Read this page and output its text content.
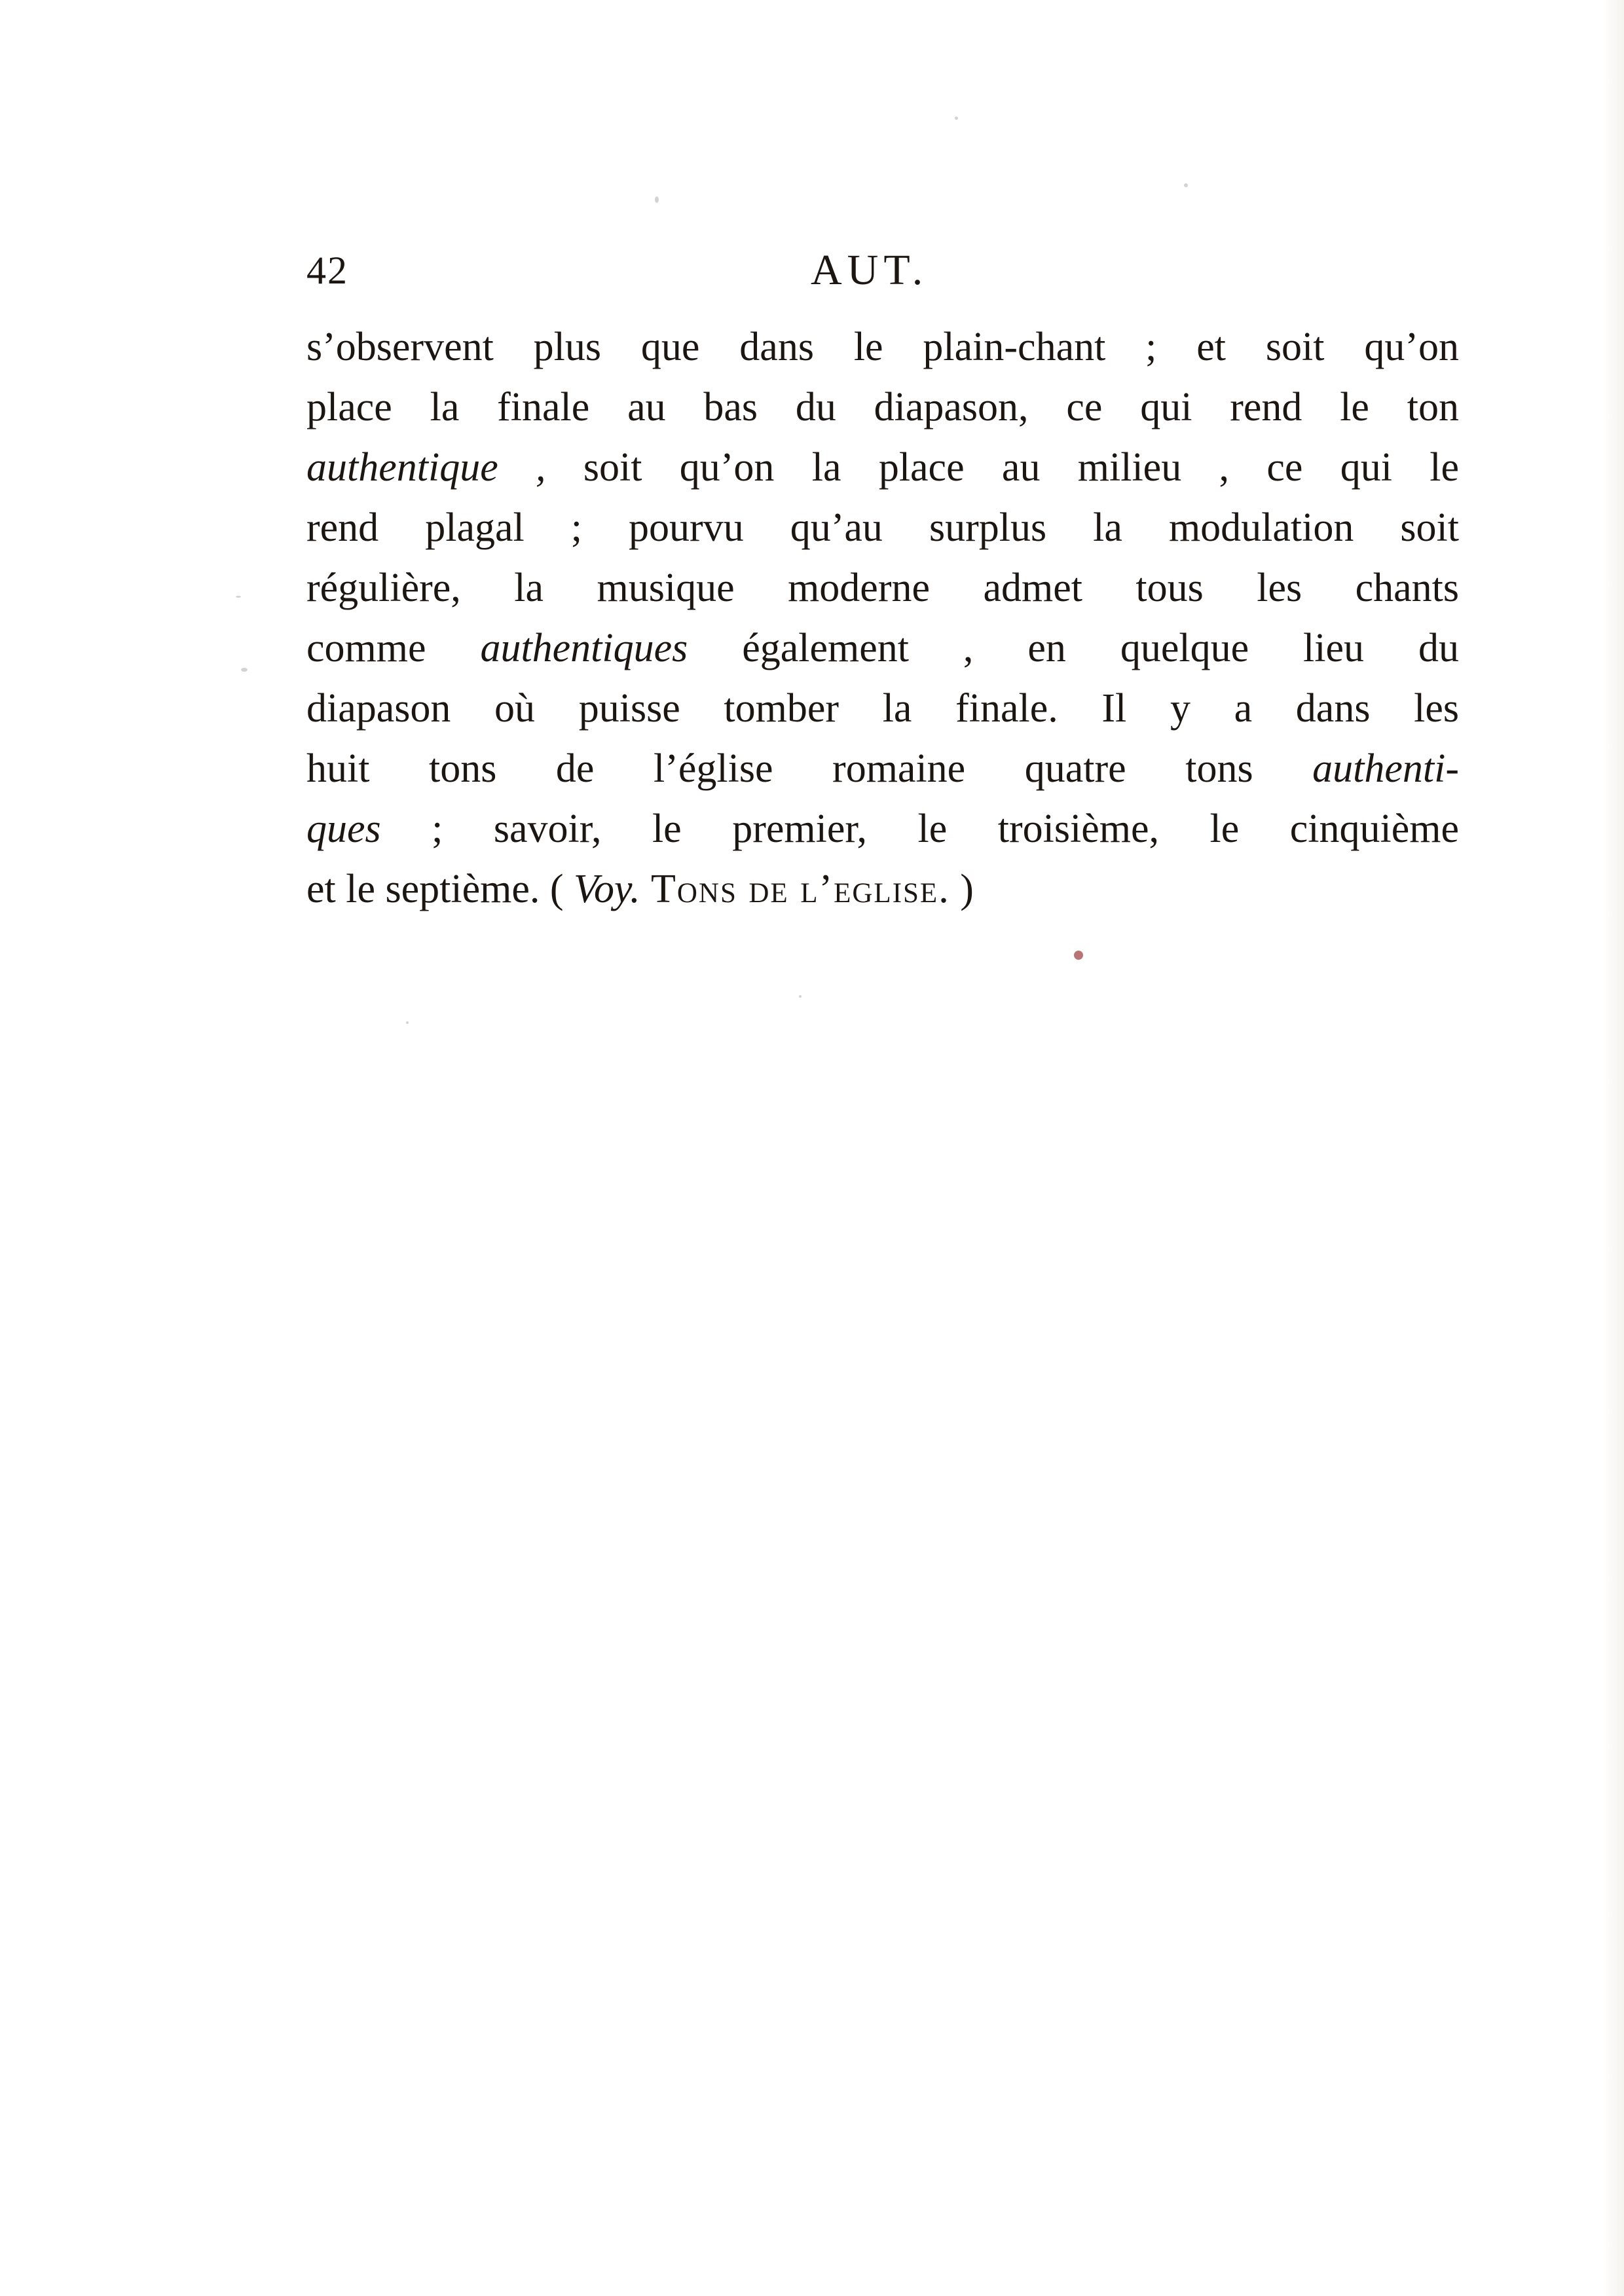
42	AUT.
s’observent plus que dans le plain-chant ; et soit qu’on
place la finale au bas du diapason, ce qui rend le ton
authentique , soit qu’on la place au milieu , ce qui le
rend plagal ; pourvu qu’au surplus la modulation soit
régulière, la musique moderne admet tous les chants
comme authentiques également , en quelque lieu du
diapason où puisse tomber la finale. Il y a dans les
huit tons de l’église romaine quatre tons authenti-
ques ; savoir, le premier, le troisième, le cinquième
et le septième. ( Voy. Tons de l’eglise. )
